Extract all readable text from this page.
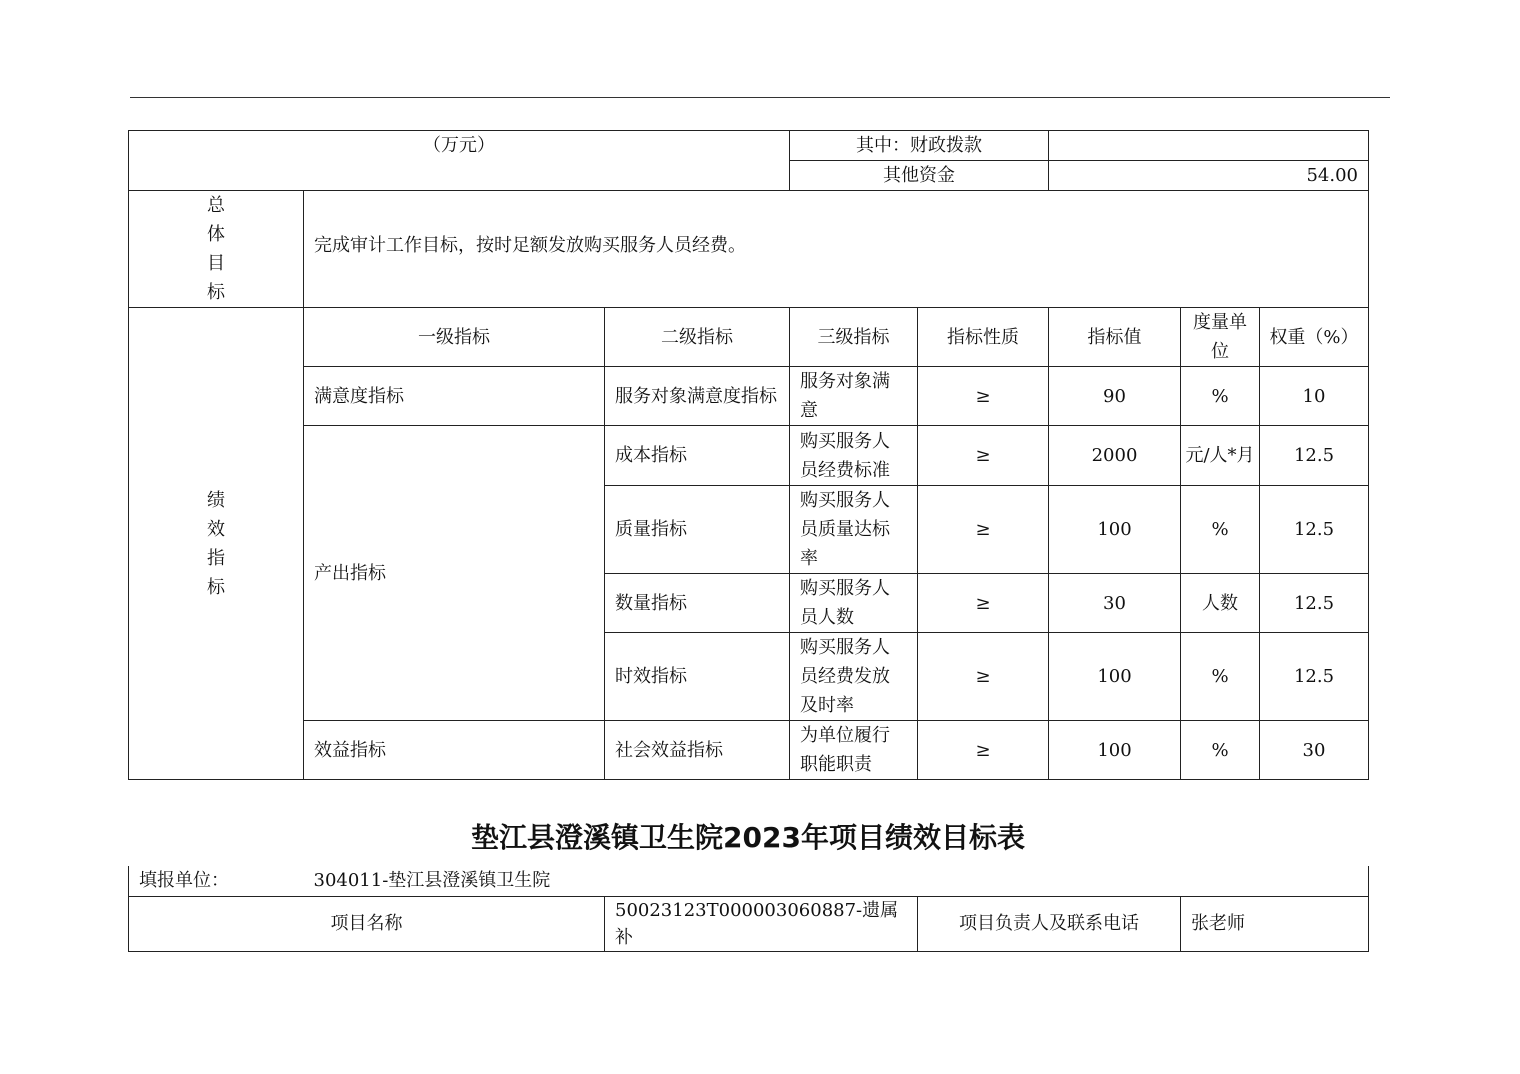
（万元）			其中：财政拨款				
			其他资金		54.00		

总
体
目
标	完成审计工作目标，按时足额发放购买服务人员经费。						

绩
效
指
标	一级指标	二级指标	三级指标	指标性质	指标值	度量单位	权重（%）
	满意度指标	服务对象满意度指标	服务对象满意	≥	90	%	10
	产出指标	成本指标	购买服务人员经费标准	≥	2000	元/人*月	12.5
		质量指标	购买服务人员质量达标率	≥	100	%	12.5
		数量指标	购买服务人员人数	≥	30	人数	12.5
		时效指标	购买服务人员经费发放及时率	≥	100	%	12.5
	效益指标	社会效益指标	为单位履行职能职责	≥	100	%	30
垫江县澄溪镇卫生院2023年项目绩效目标表
填报单位：	304011-垫江县澄溪镇卫生院			
项目名称		50023123T000003060887-遗属补	项目负责人及联系电话	张老师
